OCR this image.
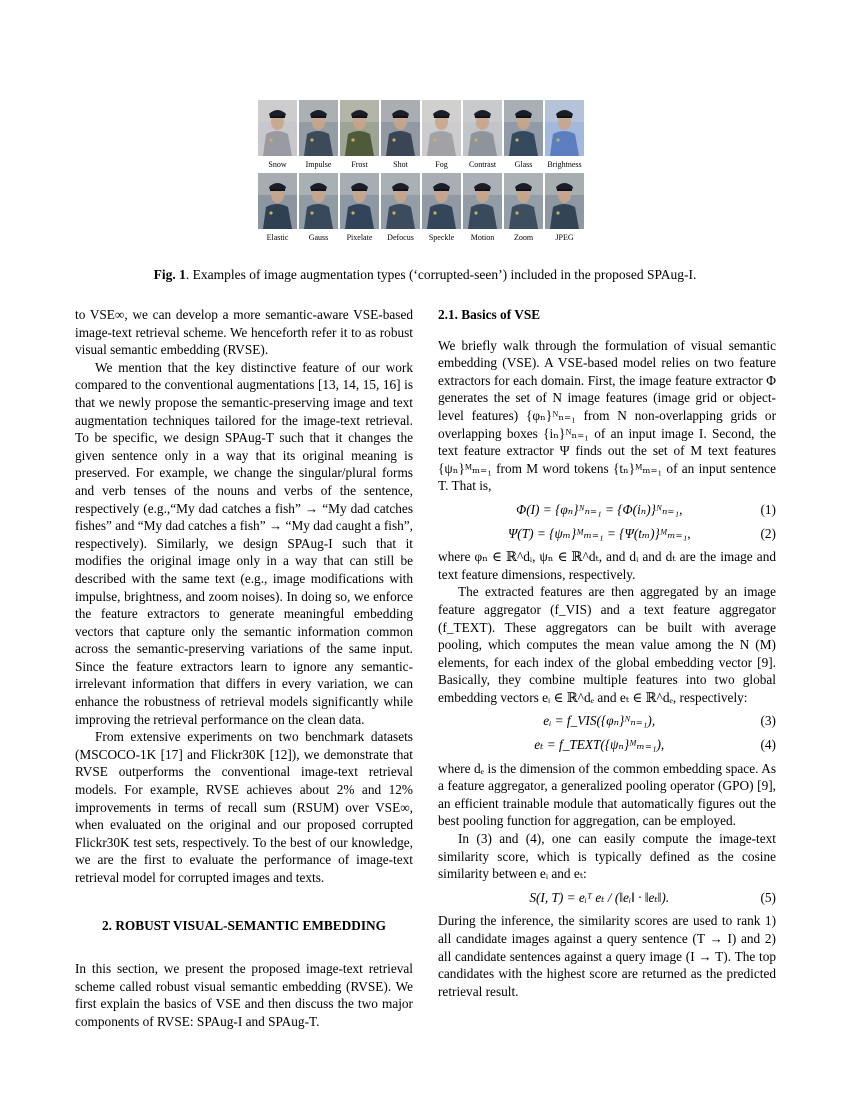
Snow Impulse Frost	Shot	Fog	Contrast Glass Brightness
Elastic	Gauss Pixelate Defocus Speckle Motion Zoom	JPEG
Fig. 1. Examples of image augmentation types (‘corrupted-seen’) included in the proposed SPAug-I.

to VSE∞, we can develop a more semantic-aware VSE-based image-text retrieval scheme. We henceforth refer it to as robust visual semantic embedding (RVSE).

We mention that the key distinctive feature of our work compared to the conventional augmentations [13, 14, 15, 16] is that we newly propose the semantic-preserving image and text augmentation techniques tailored for the image-text retrieval. To be specific, we design SPAug-T such that it changes the given sentence only in a way that its original meaning is preserved. For example, we change the singular/plural forms and verb tenses of the nouns and verbs of the sentence, respectively (e.g.,“My dad catches a fish” → “My dad catches fishes” and “My dad catches a fish” → “My dad caught a fish”, respectively). Similarly, we design SPAug-I such that it modifies the original image only in a way that can still be described with the same text (e.g., image modifications with impulse, brightness, and zoom noises). In doing so, we enforce the feature extractors to generate meaningful embedding vectors that capture only the semantic information common across the semantic-preserving variations of the same input. Since the feature extractors learn to ignore any semantic-irrelevant information that differs in every variation, we can enhance the robustness of retrieval models significantly while improving the retrieval performance on the clean data.

From extensive experiments on two benchmark datasets (MSCOCO-1K [17] and Flickr30K [12]), we demonstrate that RVSE outperforms the conventional image-text retrieval models. For example, RVSE achieves about 2% and 12% improvements in terms of recall sum (RSUM) over VSE∞, when evaluated on the original and our proposed corrupted Flickr30K test sets, respectively. To the best of our knowledge, we are the first to evaluate the performance of image-text retrieval model for corrupted images and texts.

2. ROBUST VISUAL-SEMANTIC EMBEDDING

In this section, we present the proposed image-text retrieval scheme called robust visual semantic embedding (RVSE). We first explain the basics of VSE and then discuss the two major components of RVSE: SPAug-I and SPAug-T.

2.1. Basics of VSE

We briefly walk through the formulation of visual semantic embedding (VSE). A VSE-based model relies on two feature extractors for each domain. First, the image feature extractor Φ generates the set of N image features (image grid or object-level features) {φₙ}ᴺₙ₌₁ from N non-overlapping grids or overlapping boxes {iₙ}ᴺₙ₌₁ of an input image I. Second, the text feature extractor Ψ finds out the set of M text features {ψₙ}ᴹₘ₌₁ from M word tokens {tₙ}ᴹₘ₌₁ of an input sentence T. That is,

Φ(I) = {φₙ}ᴺₙ₌₁ = {Φ(iₙ)}ᴺₙ₌₁,	(1)
Ψ(T) = {ψₘ}ᴹₘ₌₁ = {Ψ(tₘ)}ᴹₘ₌₁,	(2)

where φₙ ∈ ℝ^dᵢ, ψₙ ∈ ℝ^dₜ, and dᵢ and dₜ are the image and text feature dimensions, respectively.

The extracted features are then aggregated by an image feature aggregator (f_VIS) and a text feature aggregator (f_TEXT). These aggregators can be built with average pooling, which computes the mean value among the N (M) elements, for each index of the global embedding vector [9]. Basically, they combine multiple features into two global embedding vectors eᵢ ∈ ℝ^dₑ and eₜ ∈ ℝ^dₑ, respectively:

eᵢ = f_VIS({φₙ}ᴺₙ₌₁),	(3)
eₜ = f_TEXT({ψₙ}ᴹₘ₌₁),	(4)

where dₑ is the dimension of the common embedding space. As a feature aggregator, a generalized pooling operator (GPO) [9], an efficient trainable module that automatically figures out the best pooling function for aggregation, can be employed.

In (3) and (4), one can easily compute the image-text similarity score, which is typically defined as the cosine similarity between eᵢ and eₜ:

S(I, T) = eᵢᵀ eₜ / (‖eᵢ‖ · ‖eₜ‖).	(5)

During the inference, the similarity scores are used to rank 1) all candidate images against a query sentence (T → I) and 2) all candidate sentences against a query image (I → T). The top candidates with the highest score are returned as the predicted retrieval result.
